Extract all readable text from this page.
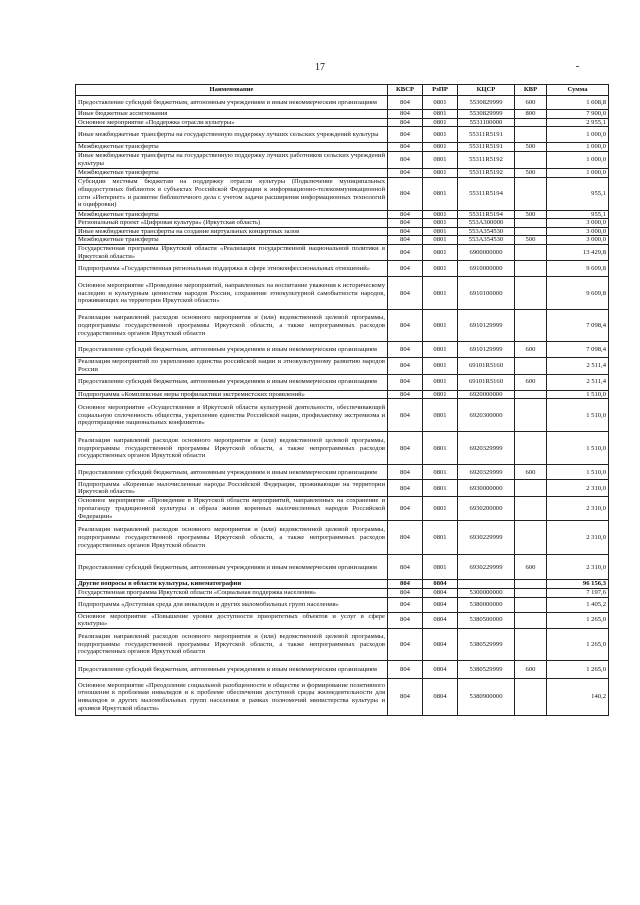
17
Наименование	КВСР	РзПР	КЦСР	КВР	Сумма
Предоставление субсидий бюджетным, автономным учреждениям и иным некоммерческим организациям	804	0801	5530829999	600	1 608,8
Иные бюджетные ассигнования	804	0801	5530829999	800	7 900,0
Основное мероприятие «Поддержка отрасли культуры»	804	0801	5531100000		2 955,1
Иные межбюджетные трансферты на государственную поддержку лучших сельских учреждений культуры	804	0801	55311R5191		1 000,0
Межбюджетные трансферты	804	0801	55311R5191	500	1 000,0
Иные межбюджетные трансферты на государственную поддержку лучших работников сельских учреждений культуры	804	0801	55311R5192		1 000,0
Межбюджетные трансферты	804	0801	55311R5192	500	1 000,0
Субсидии местным бюджетам на поддержку отрасли культуры (Подключение муниципальных общедоступных библиотек в субъектах Российской Федерации к информационно-телекоммуникационной сети «Интернет» и развитие библиотечного дела с учетом задачи расширения информационных технологий и оцифровки)	804	0801	55311R5194		955,1
Межбюджетные трансферты	804	0801	55311R5194	500	955,1
Региональный проект «Цифровая культура» (Иркутская область)	804	0801	553A300000		3 000,0
Иные межбюджетные трансферты на создание виртуальных концертных залов	804	0801	553A354530		3 000,0
Межбюджетные трансферты	804	0801	553A354530	500	3 000,0
Государственная программа Иркутской области «Реализация государственной национальной политики в Иркутской области»	804	0801	6900000000		13 429,8
Подпрограмма «Государственная региональная поддержка в сфере этноконфессиональных отношений»	804	0801	6910000000		9 609,8
Основное мероприятие «Проведение мероприятий, направленных на воспитание уважения к историческому наследию и культурным ценностям народов России, сохранение этнокультурной самобытности народов, проживающих на территории Иркутской области»	804	0801	6910100000		9 609,8
Реализация направлений расходов основного мероприятия и (или) ведомственной целевой программы, подпрограммы государственной программы Иркутской области, а также непрограммных расходов государственных органов Иркутской области	804	0801	6910129999		7 098,4
Предоставление субсидий бюджетным, автономным учреждениям и иным некоммерческим организациям	804	0801	6910129999	600	7 098,4
Реализация мероприятий по укреплению единства российской нации и этнокультурному развитию народов России	804	0801	69101R5160		2 511,4
Предоставление субсидий бюджетным, автономным учреждениям и иным некоммерческим организациям	804	0801	69101R5160	600	2 511,4
Подпрограмма «Комплексные меры профилактики экстремистских проявлений»	804	0801	6920000000		1 510,0
Основное мероприятие «Осуществление в Иркутской области культурной деятельности, обеспечивающей социальную сплоченность общества, укрепление единства Российской нации, профилактику экстремизма и предотвращение национальных конфликтов»	804	0801	6920300000		1 510,0
Реализация направлений расходов основного мероприятия и (или) ведомственной целевой программы, подпрограммы государственной программы Иркутской области, а также непрограммных расходов государственных органов Иркутской области	804	0801	6920329999		1 510,0
Предоставление субсидий бюджетным, автономным учреждениям и иным некоммерческим организациям	804	0801	6920329999	600	1 510,0
Подпрограмма «Коренные малочисленные народы Российской Федерации, проживающие на территории Иркутской области»	804	0801	6930000000		2 310,0
Основное мероприятие «Проведение в Иркутской области мероприятий, направленных на сохранение и пропаганду традиционной культуры и образа жизни коренных малочисленных народов Российской Федерации»	804	0801	6930200000		2 310,0
Реализация направлений расходов основного мероприятия и (или) ведомственной целевой программы, подпрограммы государственной программы Иркутской области, а также непрограммных расходов государственных органов Иркутской области	804	0801	6930229999		2 310,0
Предоставление субсидий бюджетным, автономным учреждениям и иным некоммерческим организациям	804	0801	6930229999	600	2 310,0
Другие вопросы в области культуры, кинематографии	804	0804			96 156,3
Государственная программа Иркутской области «Социальная поддержка населения»	804	0804	5300000000		7 197,6
Подпрограмма «Доступная среда для инвалидов и других маломобильных групп населения»	804	0804	5380000000		1 405,2
Основное мероприятие «Повышение уровня доступности приоритетных объектов и услуг в сфере культуры»	804	0804	5380500000		1 265,0
Реализация направлений расходов основного мероприятия и (или) ведомственной целевой программы, подпрограммы государственной программы Иркутской области, а также непрограммных расходов государственных органов Иркутской области	804	0804	5380529999		1 265,0
Предоставление субсидий бюджетным, автономным учреждениям и иным некоммерческим организациям	804	0804	5380529999	600	1 265,0
Основное мероприятие «Преодоление социальной разобщенности в обществе и формирование позитивного отношения к проблемам инвалидов и к проблеме обеспечения доступной среды жизнедеятельности для инвалидов и других маломобильных групп населения в рамках полномочий министерства культуры и архивов Иркутской области»	804	0804	5380900000		140,2
